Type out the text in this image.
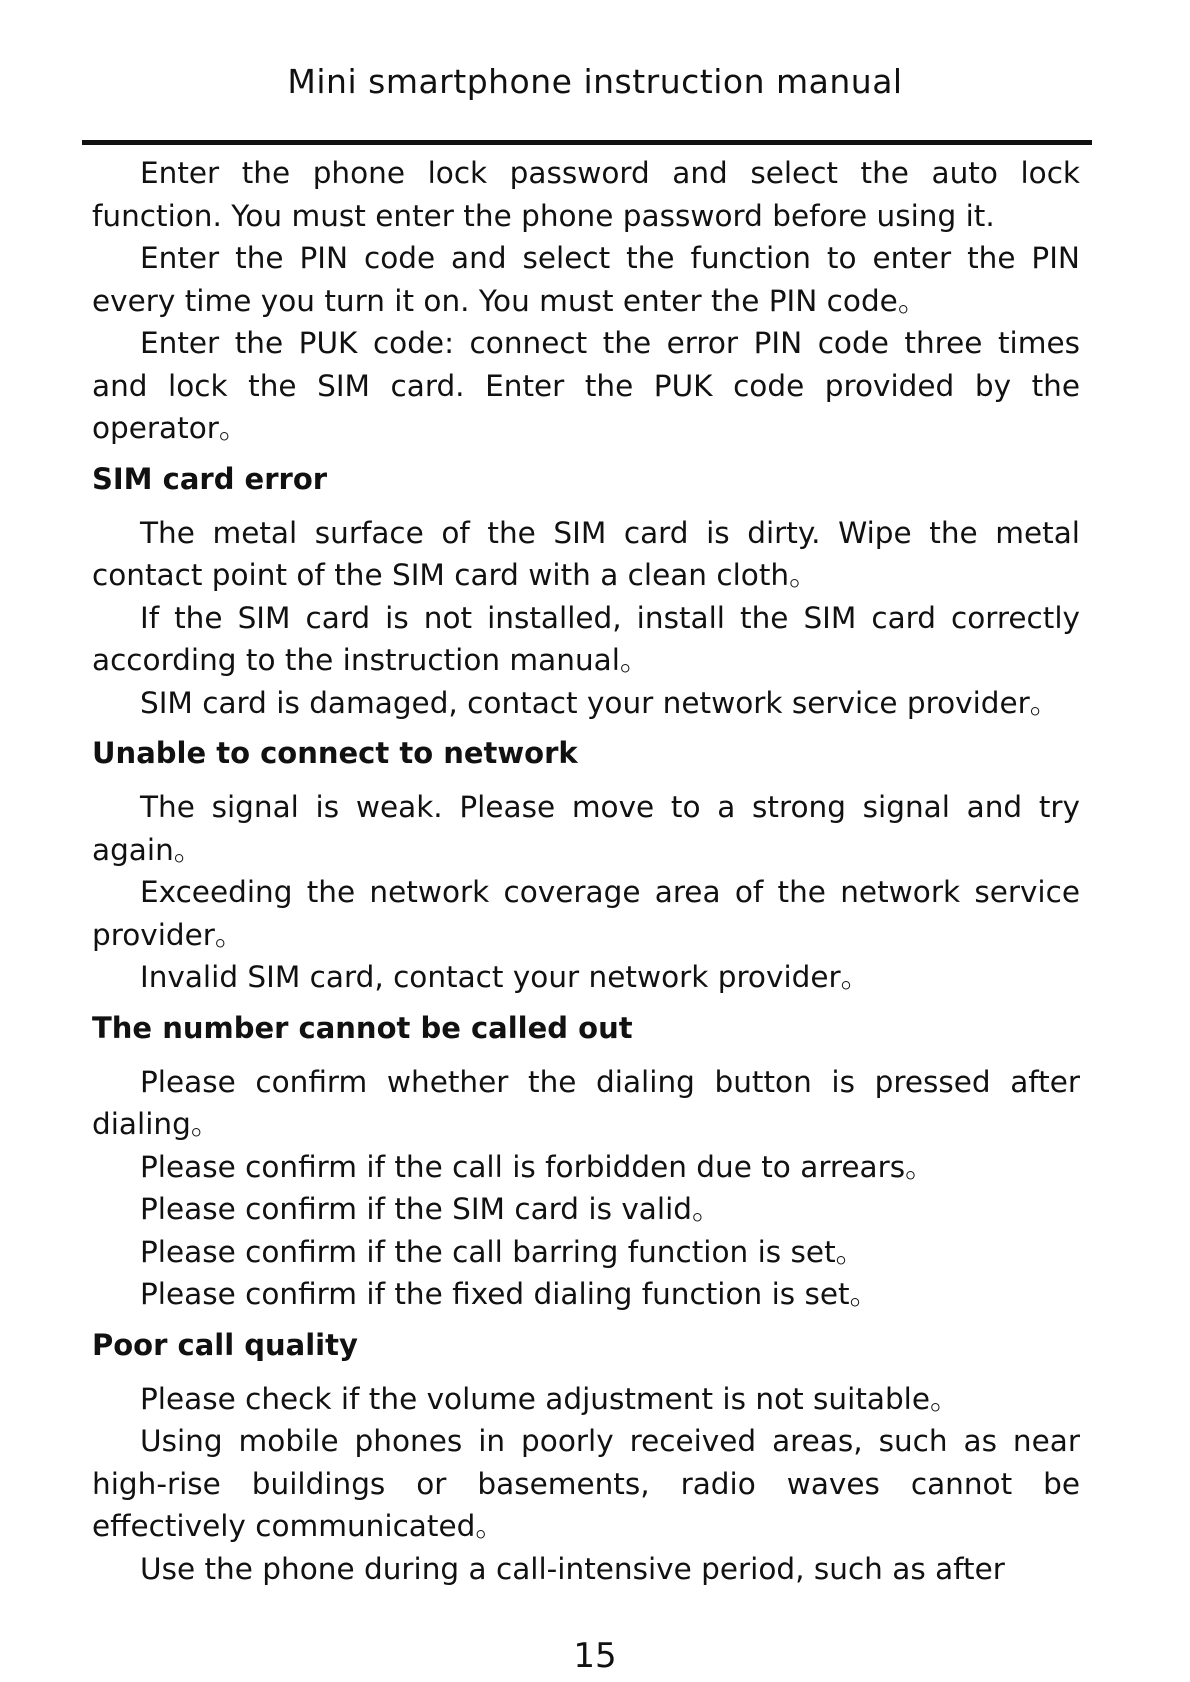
Mini smartphone instruction manual

Enter the phone lock password and select the auto lock function. You must enter the phone password before using it.

Enter the PIN code and select the function to enter the PIN every time you turn it on. You must enter the PIN code。

Enter the PUK code: connect the error PIN code three times and lock the SIM card. Enter the PUK code provided by the operator。

SIM card error

The metal surface of the SIM card is dirty. Wipe the metal contact point of the SIM card with a clean cloth。

If the SIM card is not installed, install the SIM card correctly according to the instruction manual。

SIM card is damaged, contact your network service provider。

Unable to connect to network

The signal is weak. Please move to a strong signal and try again。

Exceeding the network coverage area of the network service provider。

Invalid SIM card, contact your network provider。

The number cannot be called out

Please confirm whether the dialing button is pressed after dialing。

Please confirm if the call is forbidden due to arrears。

Please confirm if the SIM card is valid。

Please confirm if the call barring function is set。

Please confirm if the fixed dialing function is set。

Poor call quality

Please check if the volume adjustment is not suitable。

Using mobile phones in poorly received areas, such as near high-rise buildings or basements, radio waves cannot be effectively communicated。

Use the phone during a call-intensive period, such as after

15
